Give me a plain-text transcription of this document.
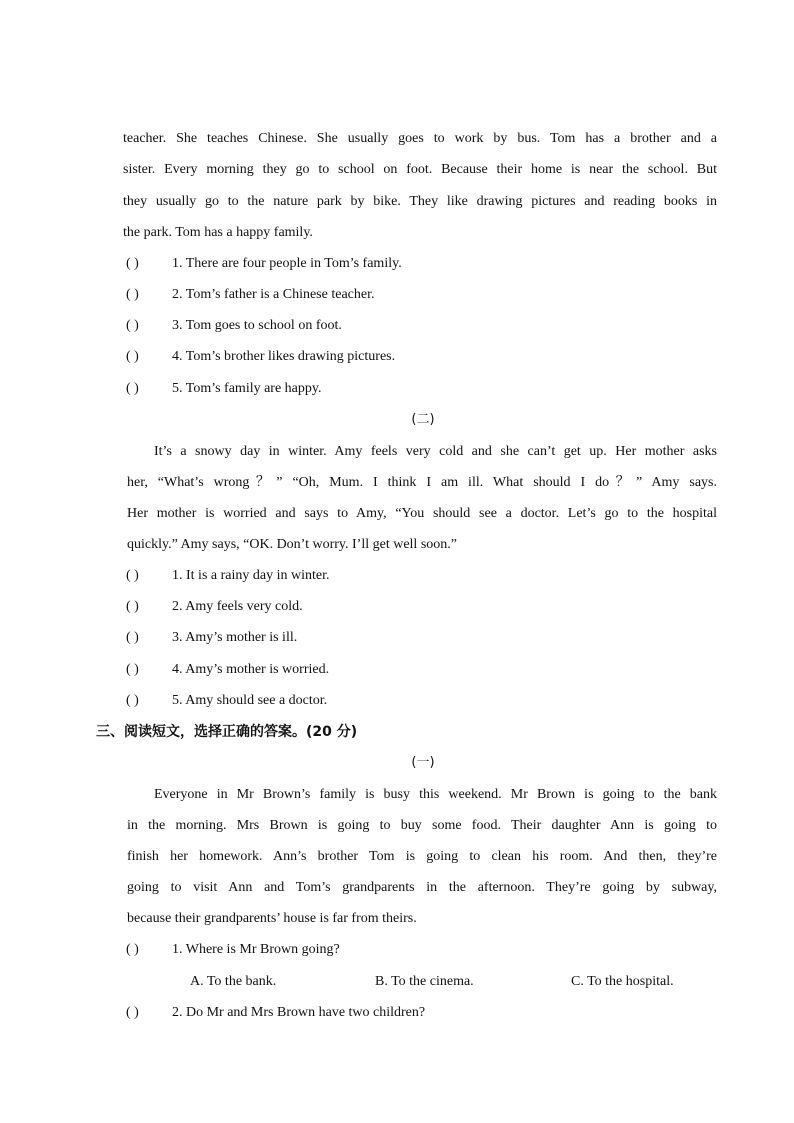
teacher. She teaches Chinese. She usually goes to work by bus. Tom has a brother and a
sister. Every morning they go to school on foot. Because their home is near the school. But
they usually go to the nature park by bike. They like drawing pictures and reading books in
the park. Tom has a happy family.
( ) 1. There are four people in Tom’s family.
( ) 2. Tom’s father is a Chinese teacher.
( ) 3. Tom goes to school on foot.
( ) 4. Tom’s brother likes drawing pictures.
( ) 5. Tom’s family are happy.
(二)
It’s a snowy day in winter. Amy feels very cold and she can’t get up. Her mother asks
her, “What’s wrong？” “Oh, Mum. I think I am ill. What should I do？” Amy says.
Her mother is worried and says to Amy, “You should see a doctor. Let’s go to the hospital
quickly.” Amy says, “OK. Don’t worry. I’ll get well soon.”
( ) 1. It is a rainy day in winter.
( ) 2. Amy feels very cold.
( ) 3. Amy’s mother is ill.
( ) 4. Amy’s mother is worried.
( ) 5. Amy should see a doctor.
三、阅读短文，选择正确的答案。(20 分)
(一)
Everyone in Mr Brown’s family is busy this weekend. Mr Brown is going to the bank
in the morning. Mrs Brown is going to buy some food. Their daughter Ann is going to
finish her homework. Ann’s brother Tom is going to clean his room. And then, they’re
going to visit Ann and Tom’s grandparents in the afternoon. They’re going by subway,
because their grandparents’ house is far from theirs.
( ) 1. Where is Mr Brown going?
A. To the bank.	B. To the cinema.	C. To the hospital.
( ) 2. Do Mr and Mrs Brown have two children?
